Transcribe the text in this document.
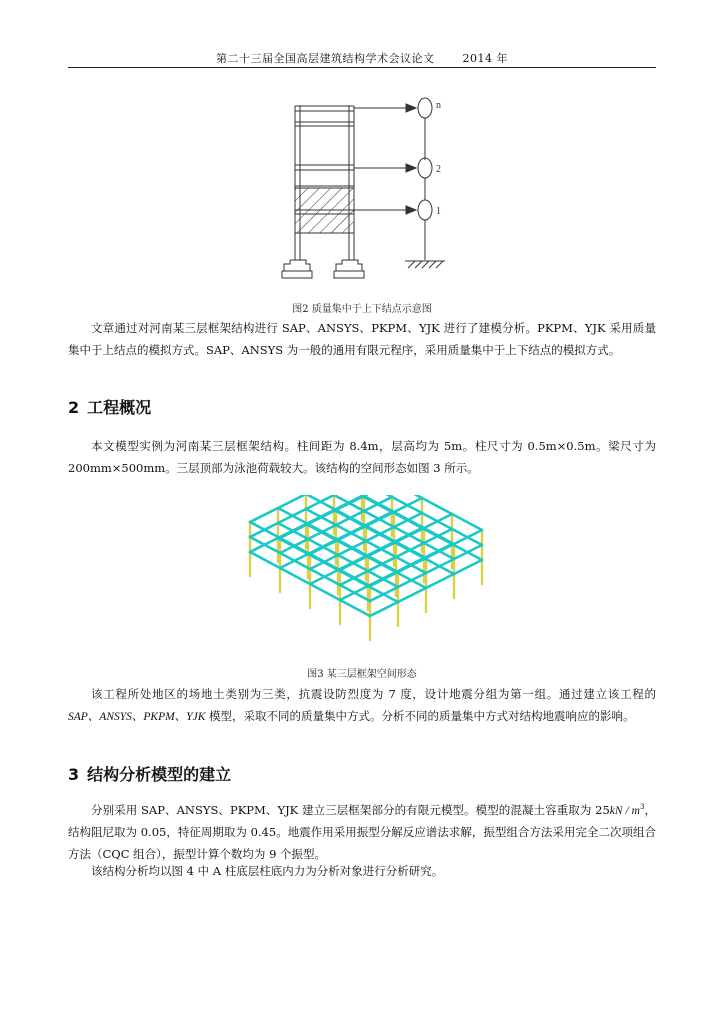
第二十三届全国高层建筑结构学术会议论文	2014 年
n
2
1
图2 质量集中于上下结点示意图
文章通过对河南某三层框架结构进行 SAP、ANSYS、PKPM、YJK 进行了建模分析。PKPM、YJK 采用质量集中于上结点的模拟方式。SAP、ANSYS 为一般的通用有限元程序，采用质量集中于上下结点的模拟方式。
2 工程概况
本文模型实例为河南某三层框架结构。柱间距为 8.4m，层高均为 5m。柱尺寸为 0.5m×0.5m。梁尺寸为 200mm×500mm。三层顶部为泳池荷载较大。该结构的空间形态如图 3 所示。
图3 某三层框架空间形态
该工程所处地区的场地土类别为三类，抗震设防烈度为 7 度，设计地震分组为第一组。通过建立该工程的 SAP、ANSYS、PKPM、YJK 模型，采取不同的质量集中方式。分析不同的质量集中方式对结构地震响应的影响。
3 结构分析模型的建立
分别采用 SAP、ANSYS、PKPM、YJK 建立三层框架部分的有限元模型。模型的混凝土容重取为 $25kN / m^3$，结构阻尼取为 0.05，特征周期取为 0.45。地震作用采用振型分解反应谱法求解，振型组合方法采用完全二次项组合方法（CQC 组合），振型计算个数均为 9 个振型。
该结构分析均以图 4 中 A 柱底层柱底内力为分析对象进行分析研究。
